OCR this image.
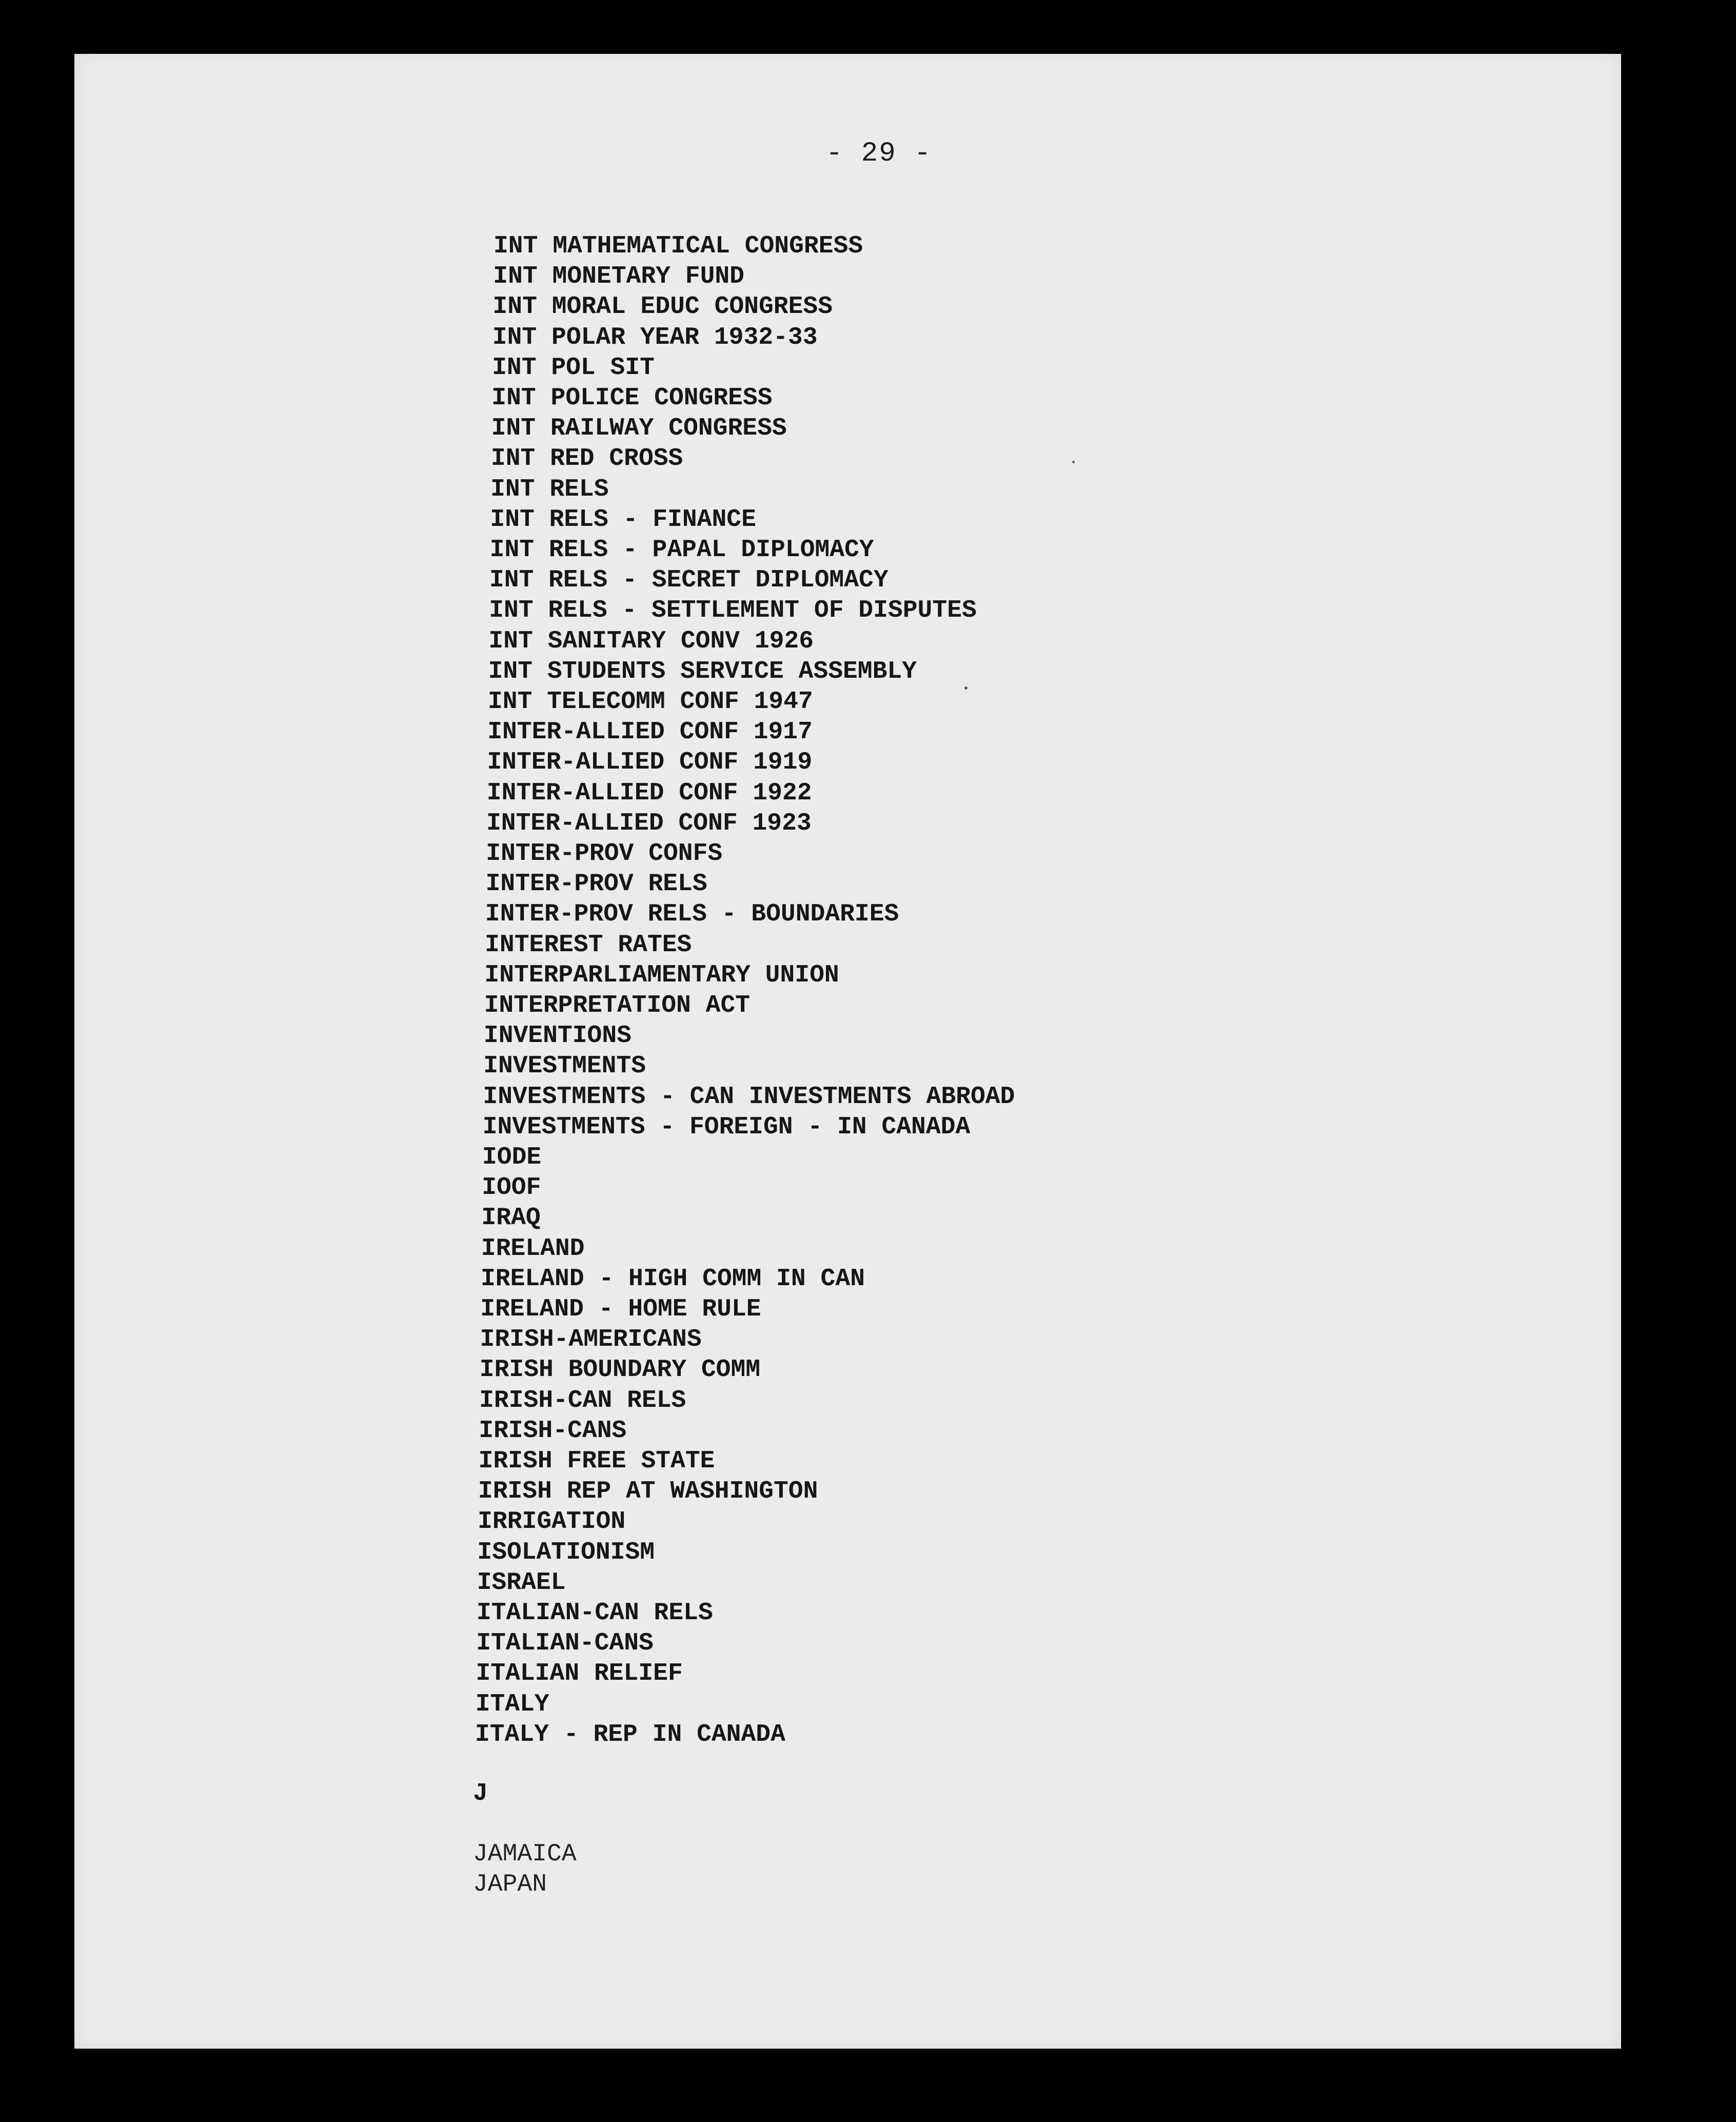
- 29 -
INT MATHEMATICAL CONGRESS
INT MONETARY FUND
INT MORAL EDUC CONGRESS
INT POLAR YEAR 1932-33
INT POL SIT
INT POLICE CONGRESS
INT RAILWAY CONGRESS
INT RED CROSS
INT RELS
INT RELS - FINANCE
INT RELS - PAPAL DIPLOMACY
INT RELS - SECRET DIPLOMACY
INT RELS - SETTLEMENT OF DISPUTES
INT SANITARY CONV 1926
INT STUDENTS SERVICE ASSEMBLY
INT TELECOMM CONF 1947
INTER-ALLIED CONF 1917
INTER-ALLIED CONF 1919
INTER-ALLIED CONF 1922
INTER-ALLIED CONF 1923
INTER-PROV CONFS
INTER-PROV RELS
INTER-PROV RELS - BOUNDARIES
INTEREST RATES
INTERPARLIAMENTARY UNION
INTERPRETATION ACT
INVENTIONS
INVESTMENTS
INVESTMENTS - CAN INVESTMENTS ABROAD
INVESTMENTS - FOREIGN - IN CANADA
IODE
IOOF
IRAQ
IRELAND
IRELAND - HIGH COMM IN CAN
IRELAND - HOME RULE
IRISH-AMERICANS
IRISH BOUNDARY COMM
IRISH-CAN RELS
IRISH-CANS
IRISH FREE STATE
IRISH REP AT WASHINGTON
IRRIGATION
ISOLATIONISM
ISRAEL
ITALIAN-CAN RELS
ITALIAN-CANS
ITALIAN RELIEF
ITALY
ITALY - REP IN CANADA
J
JAMAICA
JAPAN
